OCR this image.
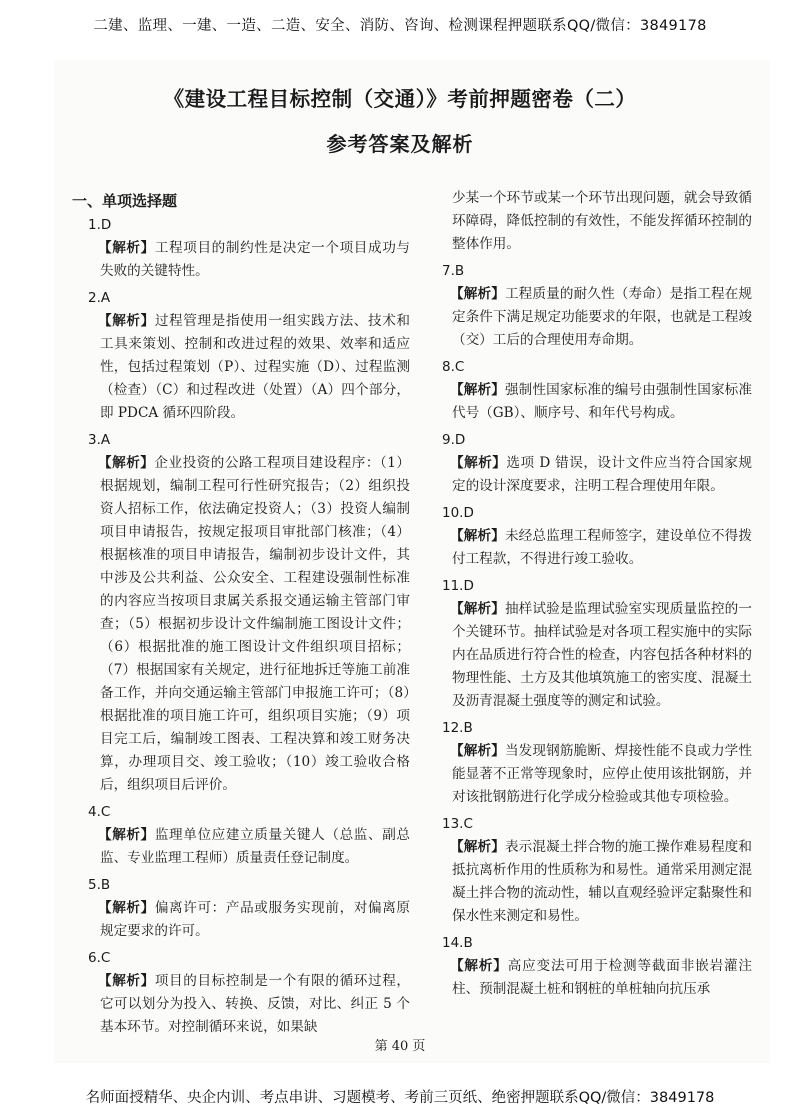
二建、监理、一建、一造、二造、安全、消防、咨询、检测课程押题联系QQ/微信：3849178
《建设工程目标控制（交通）》考前押题密卷（二）
参考答案及解析
一、单项选择题
1.D
【解析】工程项目的制约性是决定一个项目成功与失败的关键特性。
2.A
【解析】过程管理是指使用一组实践方法、技术和工具来策划、控制和改进过程的效果、效率和适应性，包括过程策划（P）、过程实施（D）、过程监测（检查）（C）和过程改进（处置）（A）四个部分，即 PDCA 循环四阶段。
3.A
【解析】企业投资的公路工程项目建设程序：（1）根据规划，编制工程可行性研究报告；（2）组织投资人招标工作，依法确定投资人；（3）投资人编制项目申请报告，按规定报项目审批部门核准；（4）根据核准的项目申请报告，编制初步设计文件，其中涉及公共利益、公众安全、工程建设强制性标准的内容应当按项目隶属关系报交通运输主管部门审查；（5）根据初步设计文件编制施工图设计文件；（6）根据批准的施工图设计文件组织项目招标；（7）根据国家有关规定，进行征地拆迁等施工前准备工作，并向交通运输主管部门申报施工许可；（8）根据批准的项目施工许可，组织项目实施；（9）项目完工后，编制竣工图表、工程决算和竣工财务决算，办理项目交、竣工验收；（10）竣工验收合格后，组织项目后评价。
4.C
【解析】监理单位应建立质量关键人（总监、副总监、专业监理工程师）质量责任登记制度。
5.B
【解析】偏离许可：产品或服务实现前，对偏离原规定要求的许可。
6.C
【解析】项目的目标控制是一个有限的循环过程，它可以划分为投入、转换、反馈，对比、纠正 5 个基本环节。对控制循环来说，如果缺
少某一个环节或某一个环节出现问题，就会导致循环障碍，降低控制的有效性，不能发挥循环控制的整体作用。
7.B
【解析】工程质量的耐久性（寿命）是指工程在规定条件下满足规定功能要求的年限，也就是工程竣（交）工后的合理使用寿命期。
8.C
【解析】强制性国家标准的编号由强制性国家标准代号（GB）、顺序号、和年代号构成。
9.D
【解析】选项 D 错误，设计文件应当符合国家规定的设计深度要求，注明工程合理使用年限。
10.D
【解析】未经总监理工程师签字，建设单位不得拨付工程款，不得进行竣工验收。
11.D
【解析】抽样试验是监理试验室实现质量监控的一个关键环节。抽样试验是对各项工程实施中的实际内在品质进行符合性的检查，内容包括各种材料的物理性能、土方及其他填筑施工的密实度、混凝土及沥青混凝土强度等的测定和试验。
12.B
【解析】当发现钢筋脆断、焊接性能不良或力学性能显著不正常等现象时，应停止使用该批钢筋，并对该批钢筋进行化学成分检验或其他专项检验。
13.C
【解析】表示混凝土拌合物的施工操作难易程度和抵抗离析作用的性质称为和易性。通常采用测定混凝土拌合物的流动性，辅以直观经验评定黏聚性和保水性来测定和易性。
14.B
【解析】高应变法可用于检测等截面非嵌岩灌注柱、预制混凝土桩和钢桩的单桩轴向抗压承
第 40 页
名师面授精华、央企内训、考点串讲、习题模考、考前三页纸、绝密押题联系QQ/微信：3849178
